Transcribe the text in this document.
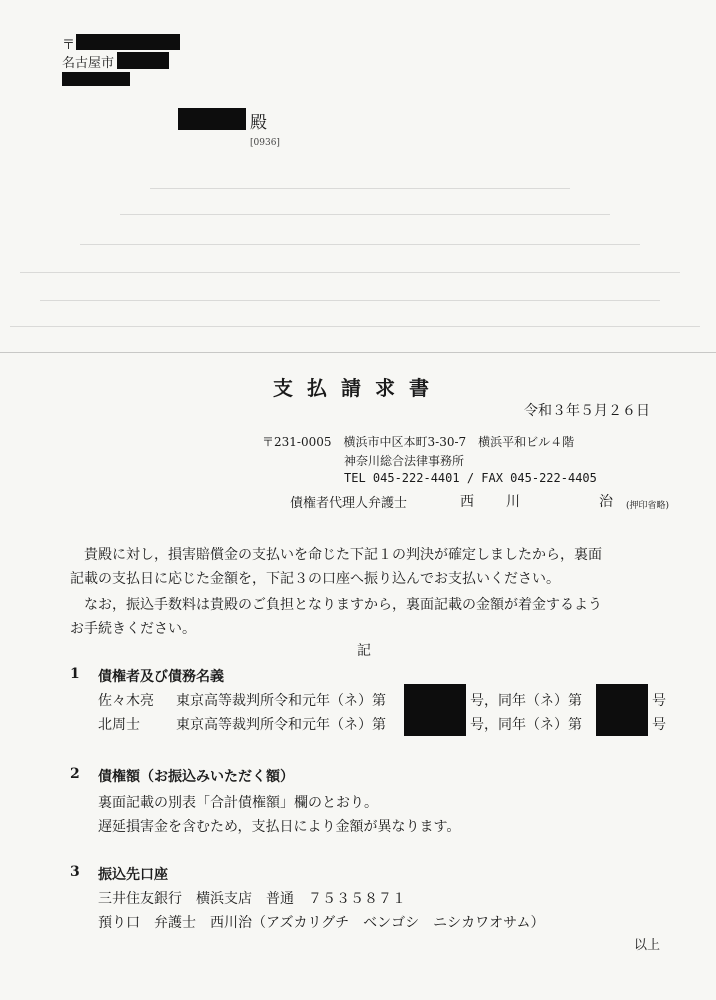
〒
名古屋市
殿
[0936]
支払請求書
令和３年５月２６日
〒231-0005　横浜市中区本町3-30-7　横浜平和ビル４階
神奈川総合法律事務所
TEL 045-222-4401 / FAX 045-222-4405
債権者代理人弁護士	西 川	治 (押印省略)
貴殿に対し，損害賠償金の支払いを命じた下記１の判決が確定しましたから，裏面
記載の支払日に応じた金額を，下記３の口座へ振り込んでお支払いください。
なお，振込手数料は貴殿のご負担となりますから，裏面記載の金額が着金するよう
お手続きください。
記
1 債権者及び債務名義
佐々木亮 東京高等裁判所令和元年（ネ）第	号，同年（ネ）第	号
北周士	東京高等裁判所令和元年（ネ）第	号，同年（ネ）第	号
2 債権額（お振込みいただく額）
裏面記載の別表「合計債権額」欄のとおり。
遅延損害金を含むため，支払日により金額が異なります。
3 振込先口座
三井住友銀行　横浜支店　普通　７５３５８７１
預り口　弁護士　西川治（アズカリグチ　ベンゴシ　ニシカワオサム）
以上
